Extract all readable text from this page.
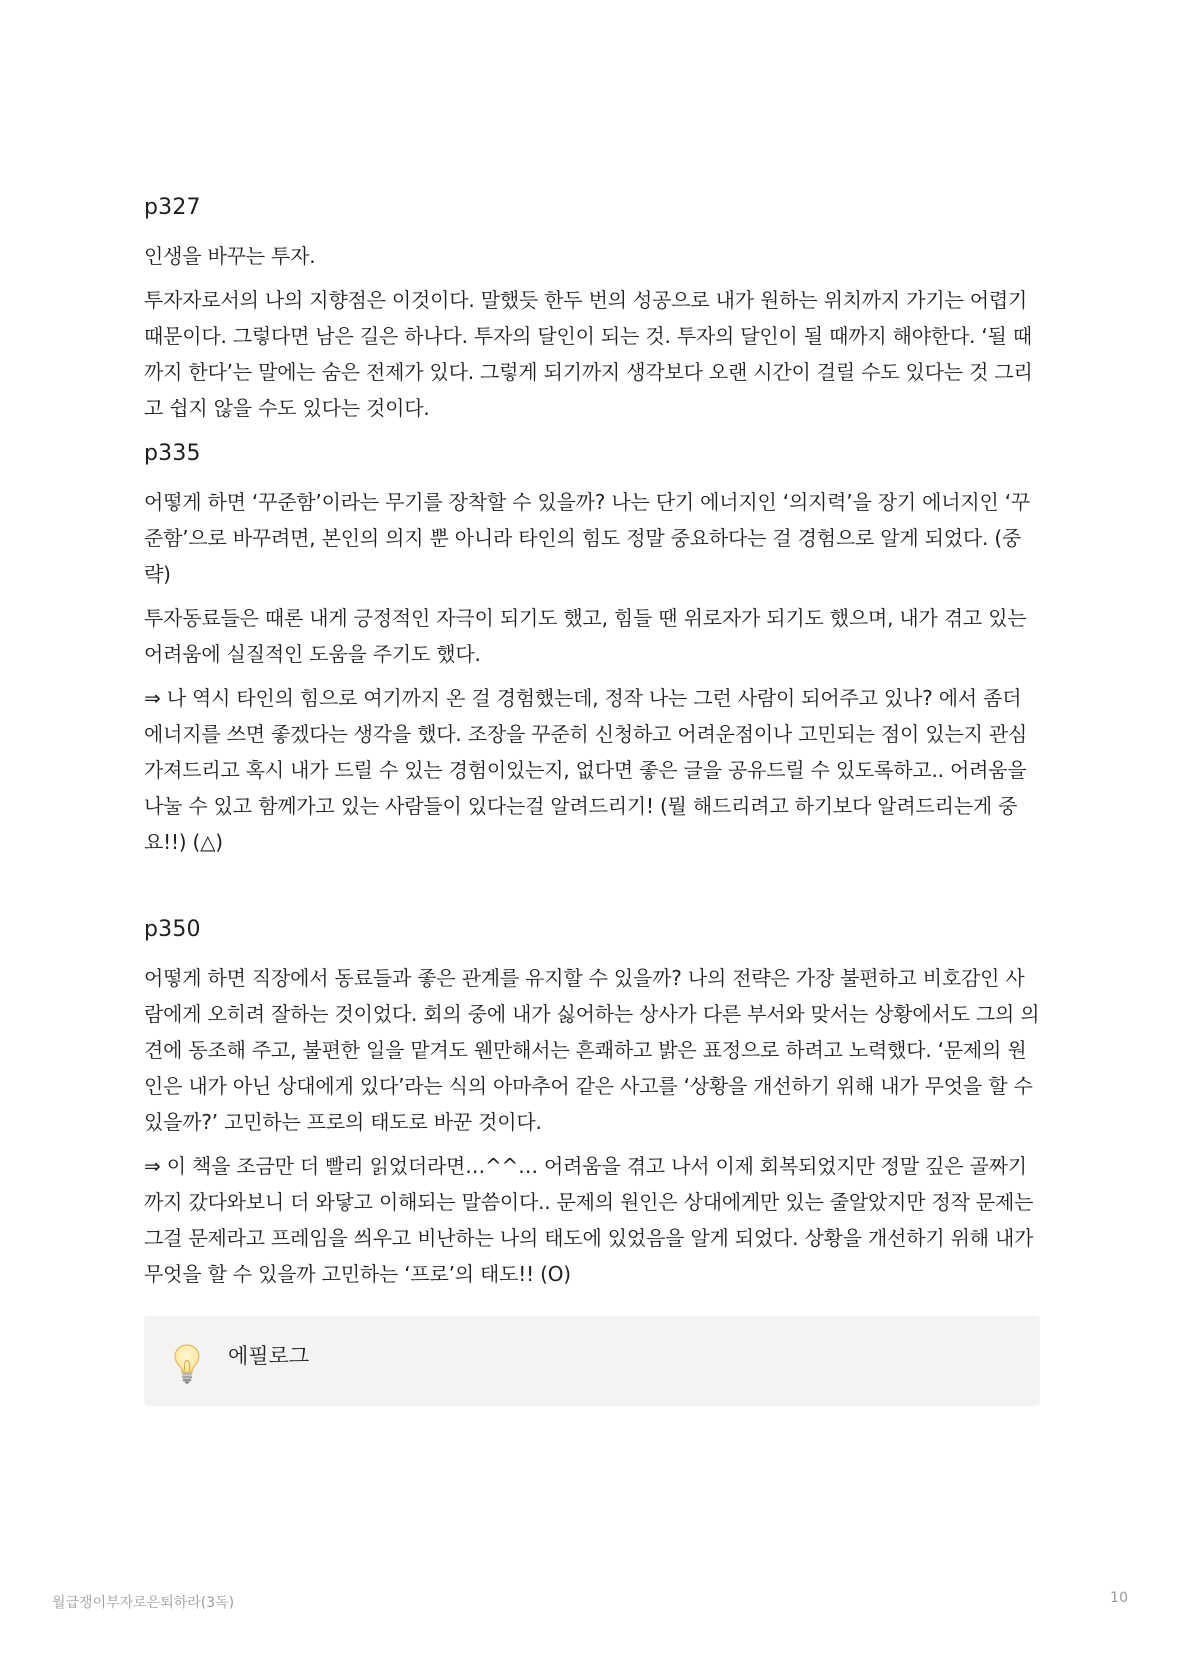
p327

인생을 바꾸는 투자.

투자자로서의 나의 지향점은 이것이다. 말했듯 한두 번의 성공으로 내가 원하는 위치까지 가기는 어렵기 때문이다. 그렇다면 남은 길은 하나다. 투자의 달인이 되는 것. 투자의 달인이 될 때까지 해야한다. ‘될 때까지 한다’는 말에는 숨은 전제가 있다. 그렇게 되기까지 생각보다 오랜 시간이 걸릴 수도 있다는 것 그리고 쉽지 않을 수도 있다는 것이다.

p335

어떻게 하면 ‘꾸준함’이라는 무기를 장착할 수 있을까? 나는 단기 에너지인 ‘의지력’을 장기 에너지인 ‘꾸준함’으로 바꾸려면, 본인의 의지 뿐 아니라 타인의 힘도 정말 중요하다는 걸 경험으로 알게 되었다. (중략)

투자동료들은 때론 내게 긍정적인 자극이 되기도 했고, 힘들 땐 위로자가 되기도 했으며, 내가 겪고 있는 어려움에 실질적인 도움을 주기도 했다.

⇒ 나 역시 타인의 힘으로 여기까지 온 걸 경험했는데, 정작 나는 그런 사람이 되어주고 있나? 에서 좀더 에너지를 쓰면 좋겠다는 생각을 했다. 조장을 꾸준히 신청하고 어려운점이나 고민되는 점이 있는지 관심가져드리고 혹시 내가 드릴 수 있는 경험이있는지, 없다면 좋은 글을 공유드릴 수 있도록하고.. 어려움을 나눌 수 있고 함께가고 있는 사람들이 있다는걸 알려드리기! (뭘 해드리려고 하기보다 알려드리는게 중요!!) (△)

p350

어떻게 하면 직장에서 동료들과 좋은 관계를 유지할 수 있을까? 나의 전략은 가장 불편하고 비호감인 사람에게 오히려 잘하는 것이었다. 회의 중에 내가 싫어하는 상사가 다른 부서와 맞서는 상황에서도 그의 의견에 동조해 주고, 불편한 일을 맡겨도 웬만해서는 흔쾌하고 밝은 표정으로 하려고 노력했다. ‘문제의 원인은 내가 아닌 상대에게 있다’라는 식의 아마추어 같은 사고를 ‘상황을 개선하기 위해 내가 무엇을 할 수 있을까?’ 고민하는 프로의 태도로 바꾼 것이다.

⇒ 이 책을 조금만 더 빨리 읽었더라면…^^… 어려움을 겪고 나서 이제 회복되었지만 정말 깊은 골짜기까지 갔다와보니 더 와닿고 이해되는 말씀이다.. 문제의 원인은 상대에게만 있는 줄알았지만 정작 문제는 그걸 문제라고 프레임을 씌우고 비난하는 나의 태도에 있었음을 알게 되었다. 상황을 개선하기 위해 내가 무엇을 할 수 있을까 고민하는 ‘프로’의 태도!! (O)

에필로그
월급쟁이부자로은퇴하라(3독)	10
